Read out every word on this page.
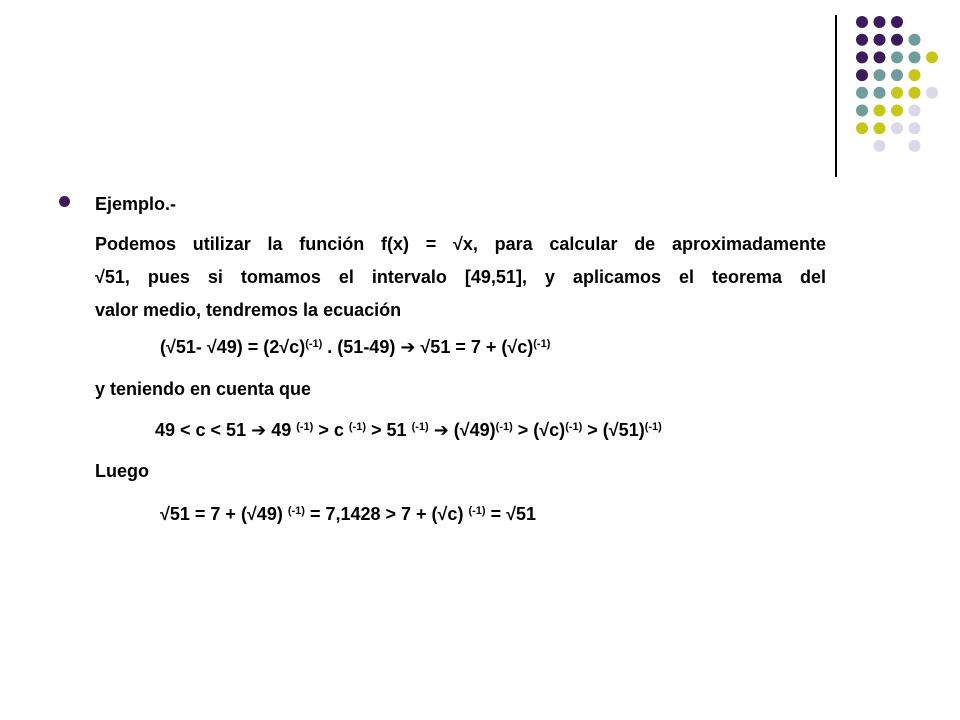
Ejemplo.-
Podemos utilizar la función f(x) = √x, para calcular de aproximadamente
√51, pues si tomamos el intervalo [49,51], y aplicamos el teorema del
valor medio, tendremos la ecuación
(√51- $√49) = (2√c)^{(-1)}$ . (51-49) ➔ $√51 = 7 + (√c)^{(-1)}$
y teniendo en cuenta que
49 < c < 51 ➔ 49 $^{(-1)}$ > c $^{(-1)}$ > 51 $^{(-1)}$ ➔ $(√49)^{(-1)} > (√c)^{(-1)} > (√51)^{(-1)}$
Luego
√51 = 7 + (√49) $^{(-1)}$ = 7,1428 > 7 + (√c) $^{(-1)}$ = √51
